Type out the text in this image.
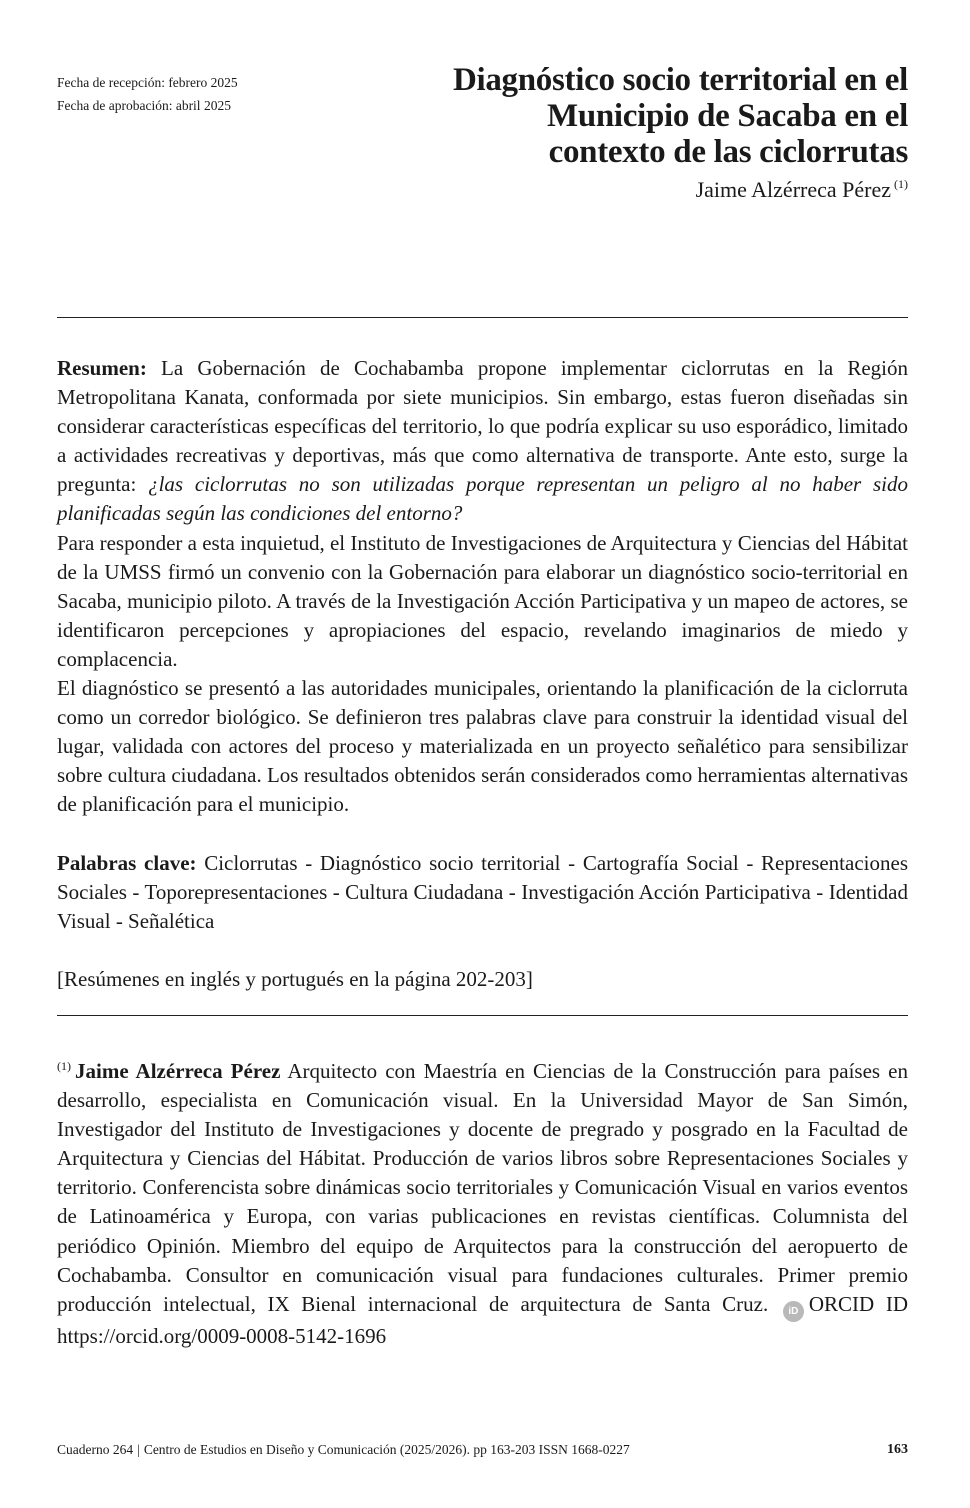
Fecha de recepción: febrero 2025
Fecha de aprobación: abril 2025
Diagnóstico socio territorial en el
Municipio de Sacaba en el
contexto de las ciclorrutas
Jaime Alzérreca Pérez $^{(1)}$

Resumen: La Gobernación de Cochabamba propone implementar ciclorrutas en la Región Metropolitana Kanata, conformada por siete municipios. Sin embargo, estas fueron diseñadas sin considerar características específicas del territorio, lo que podría explicar su uso esporádico, limitado a actividades recreativas y deportivas, más que como alternativa de transporte. Ante esto, surge la pregunta: ¿las ciclorrutas no son utilizadas porque representan un peligro al no haber sido planificadas según las condiciones del entorno?

Para responder a esta inquietud, el Instituto de Investigaciones de Arquitectura y Ciencias del Hábitat de la UMSS firmó un convenio con la Gobernación para elaborar un diagnóstico socio-territorial en Sacaba, municipio piloto. A través de la Investigación Acción Participativa y un mapeo de actores, se identificaron percepciones y apropiaciones del espacio, revelando imaginarios de miedo y complacencia.

El diagnóstico se presentó a las autoridades municipales, orientando la planificación de la ciclorruta como un corredor biológico. Se definieron tres palabras clave para construir la identidad visual del lugar, validada con actores del proceso y materializada en un proyecto señalético para sensibilizar sobre cultura ciudadana. Los resultados obtenidos serán considerados como herramientas alternativas de planificación para el municipio.

Palabras clave: Ciclorrutas - Diagnóstico socio territorial - Cartografía Social - Representaciones Sociales - Toporepresentaciones - Cultura Ciudadana - Investigación Acción Participativa - Identidad Visual - Señalética

[Resúmenes en inglés y portugués en la página 202-203]

$^{(1)}$ Jaime Alzérreca Pérez Arquitecto con Maestría en Ciencias de la Construcción para países en desarrollo, especialista en Comunicación visual. En la Universidad Mayor de San Simón, Investigador del Instituto de Investigaciones y docente de pregrado y posgrado en la Facultad de Arquitectura y Ciencias del Hábitat. Producción de varios libros sobre Representaciones Sociales y territorio. Conferencista sobre dinámicas socio territoriales y Comunicación Visual en varios eventos de Latinoamérica y Europa, con varias publicaciones en revistas científicas. Columnista del periódico Opinión. Miembro del equipo de Arquitectos para la construcción del aeropuerto de Cochabamba. Consultor en comunicación visual para fundaciones culturales. Primer premio producción intelectual, IX Bienal internacional de arquitectura de Santa Cruz. iD ORCID ID https://orcid.org/0009-0008-5142-1696

Cuaderno 264 | Centro de Estudios en Diseño y Comunicación (2025/2026). pp 163-203 ISSN 1668-0227	163
